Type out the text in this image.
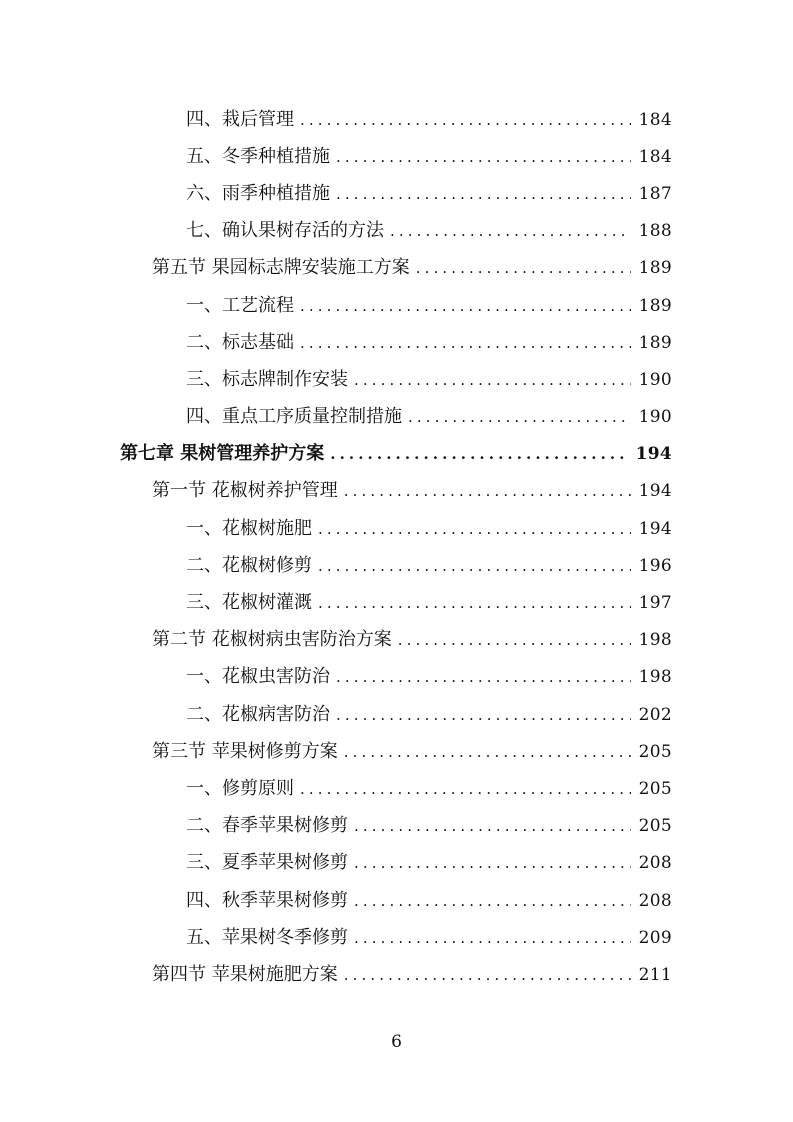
四、栽后管理 .....	184
五、冬季种植措施 .....	184
六、雨季种植措施 .....	187
七、确认果树存活的方法 .....	188
第五节 果园标志牌安装施工方案 .....	189
一、工艺流程 .....	189
二、标志基础 .....	189
三、标志牌制作安装 .....	190
四、重点工序质量控制措施 .....	190
第七章 果树管理养护方案 .....	194
第一节 花椒树养护管理 .....	194
一、花椒树施肥 .....	194
二、花椒树修剪 .....	196
三、花椒树灌溉 .....	197
第二节 花椒树病虫害防治方案 .....	198
一、花椒虫害防治 .....	198
二、花椒病害防治 .....	202
第三节 苹果树修剪方案 .....	205
一、修剪原则 .....	205
二、春季苹果树修剪 .....	205
三、夏季苹果树修剪 .....	208
四、秋季苹果树修剪 .....	208
五、苹果树冬季修剪 .....	209
第四节 苹果树施肥方案 .....	211
6
